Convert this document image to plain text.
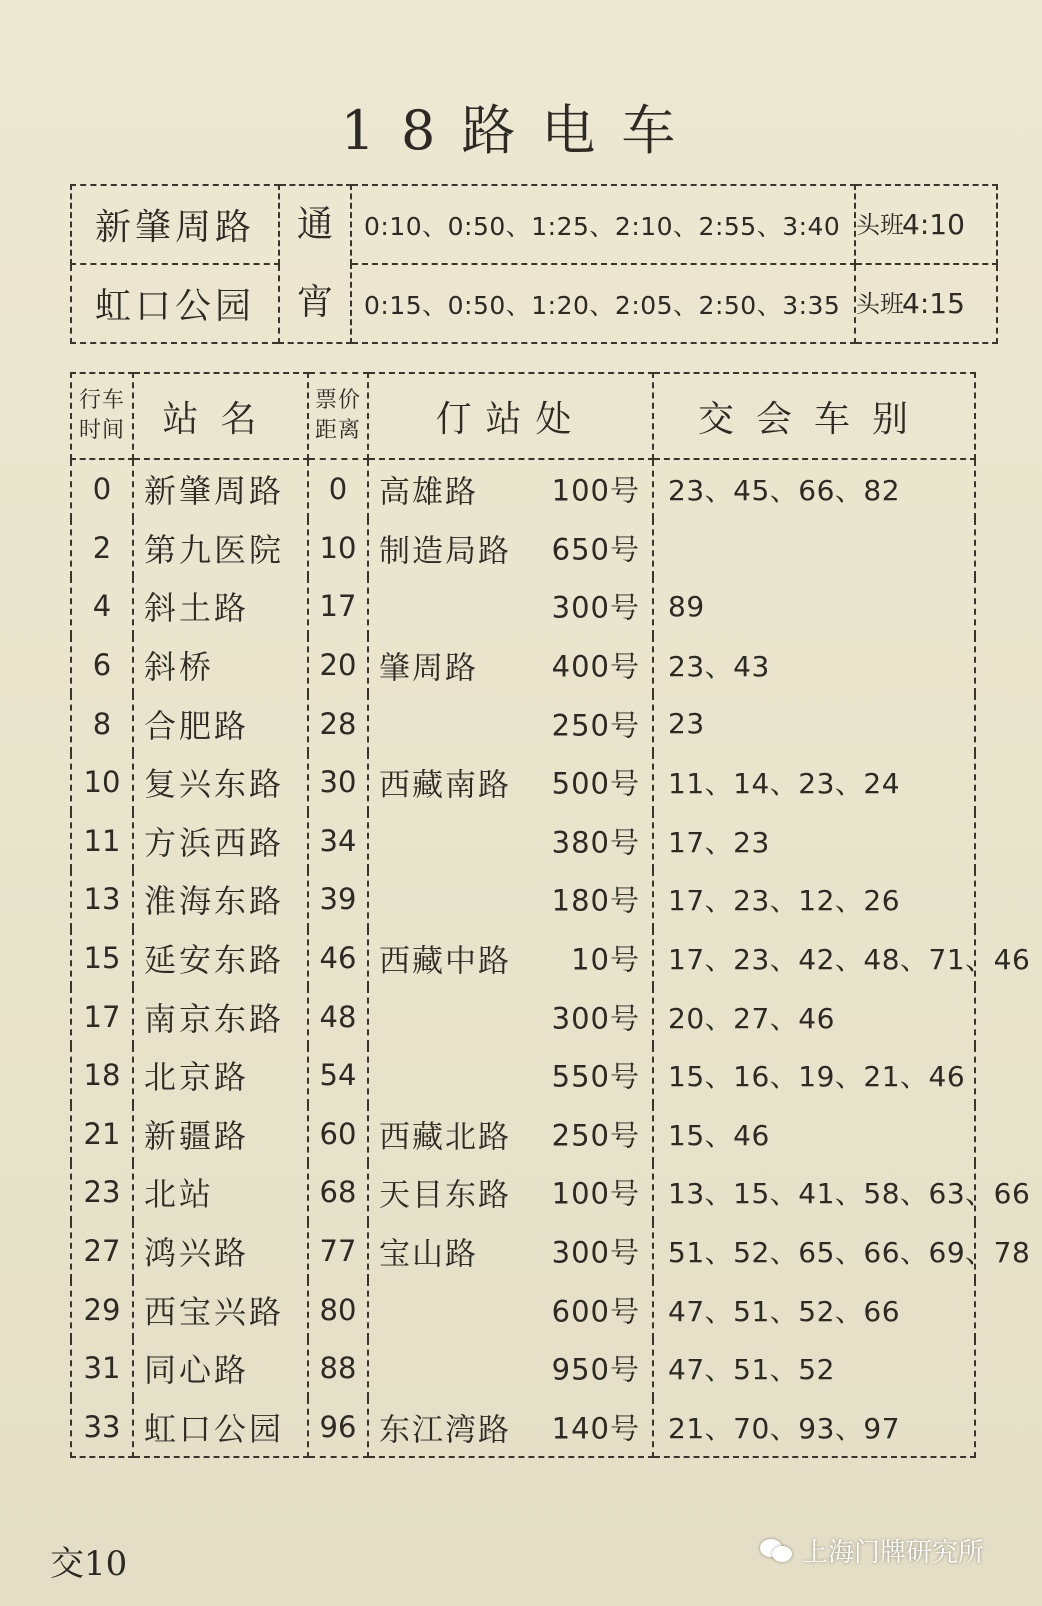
18路电车
新肇周路	通宵	0:10、0:50、1:25、2:10、2:55、3:40	头班4:10
虹口公园		0:15、0:50、1:20、2:05、2:50、3:35	头班4:15
行车时间	站名	票价距离	仃站处	交会车别
0	新肇周路	0	高雄路 100号	23、45、66、82
2	第九医院	10	制造局路 650号	

4	斜土路	17	300号	89
6	斜桥	20	肇周路 400号	23、43
8	合肥路	28	250号	23
10	复兴东路	30	西藏南路 500号	11、14、23、24
11	方浜西路	34	380号	17、23
13	淮海东路	39	180号	17、23、12、26
15	延安东路	46	西藏中路 10号	17、23、42、48、71、46
17	南京东路	48	300号	20、27、46
18	北京路	54	550号	15、16、19、21、46
21	新疆路	60	西藏北路 250号	15、46
23	北站	68	天目东路 100号	13、15、41、58、63、66
27	鸿兴路	77	宝山路 300号	51、52、65、66、69、78
29	西宝兴路	80	600号	47、51、52、66
31	同心路	88	950号	47、51、52
33	虹口公园	96	东江湾路 140号	21、70、93、97
交10	上海门牌研究所
